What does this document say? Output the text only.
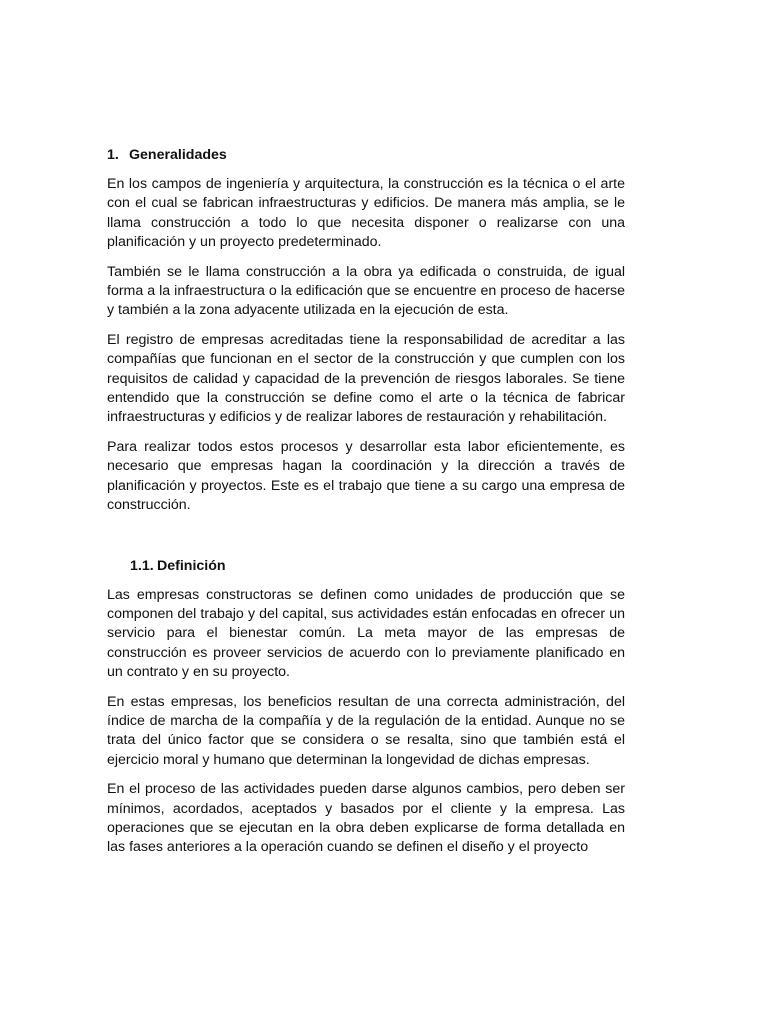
1. Generalidades

En los campos de ingeniería y arquitectura, la construcción es la técnica o el arte con el cual se fabrican infraestructuras y edificios. De manera más amplia, se le llama construcción a todo lo que necesita disponer o realizarse con una planificación y un proyecto predeterminado.

También se le llama construcción a la obra ya edificada o construida, de igual forma a la infraestructura o la edificación que se encuentre en proceso de hacerse y también a la zona adyacente utilizada en la ejecución de esta.

El registro de empresas acreditadas tiene la responsabilidad de acreditar a las compañías que funcionan en el sector de la construcción y que cumplen con los requisitos de calidad y capacidad de la prevención de riesgos laborales. Se tiene entendido que la construcción se define como el arte o la técnica de fabricar infraestructuras y edificios y de realizar labores de restauración y rehabilitación.

Para realizar todos estos procesos y desarrollar esta labor eficientemente, es necesario que empresas hagan la coordinación y la dirección a través de planificación y proyectos. Este es el trabajo que tiene a su cargo una empresa de construcción.

1.1. Definición

Las empresas constructoras se definen como unidades de producción que se componen del trabajo y del capital, sus actividades están enfocadas en ofrecer un servicio para el bienestar común. La meta mayor de las empresas de construcción es proveer servicios de acuerdo con lo previamente planificado en un contrato y en su proyecto.

En estas empresas, los beneficios resultan de una correcta administración, del índice de marcha de la compañía y de la regulación de la entidad. Aunque no se trata del único factor que se considera o se resalta, sino que también está el ejercicio moral y humano que determinan la longevidad de dichas empresas.

En el proceso de las actividades pueden darse algunos cambios, pero deben ser mínimos, acordados, aceptados y basados por el cliente y la empresa. Las operaciones que se ejecutan en la obra deben explicarse de forma detallada en las fases anteriores a la operación cuando se definen el diseño y el proyecto
